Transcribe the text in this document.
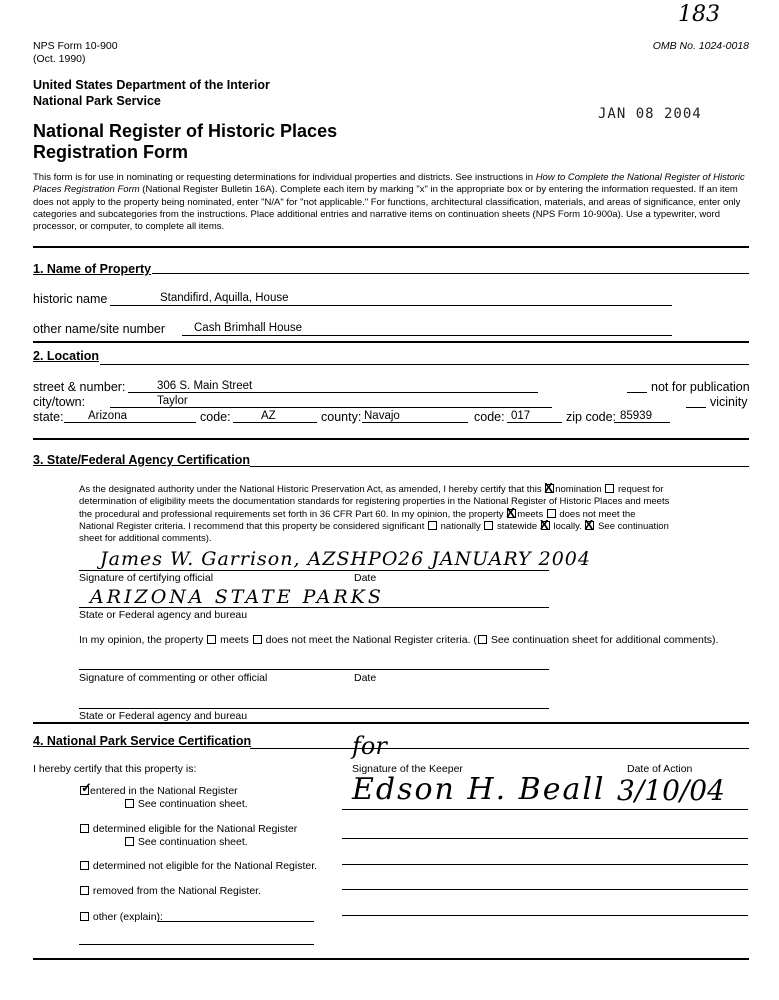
NPS Form 10-900
(Oct. 1990)
OMB No. 1024-0018
183
JAN 08 2004
United States Department of the Interior
National Park Service
National Register of Historic Places
Registration Form
This form is for use in nominating or requesting determinations for individual properties and districts. See instructions in How to Complete the National Register of Historic Places Registration Form (National Register Bulletin 16A). Complete each item by marking "x" in the appropriate box or by entering the information requested. If an item does not apply to the property being nominated, enter "N/A" for "not applicable." For functions, architectural classification, materials, and areas of significance, enter only categories and subcategories from the instructions. Place additional entries and narrative items on continuation sheets (NPS Form 10-900a). Use a typewriter, word processor, or computer, to complete all items.
1. Name of Property
historic name	Standifird, Aquilla, House
other name/site number	Cash Brimhall House
2. Location
street & number:	306 S. Main Street	not for publication
city/town:	Taylor	vicinity
state: Arizona	code:	AZ	county: Navajo	code: 017	zip code: 85939
3. State/Federal Agency Certification
As the designated authority under the National Historic Preservation Act, as amended, I hereby certify that this X nomination request for
determination of eligibility meets the documentation standards for registering properties in the National Register of Historic Places and meets
the procedural and professional requirements set forth in 36 CFR Part 60. In my opinion, the property X meets does not meet the
National Register criteria. I recommend that this property be considered significant nationally statewide X locally. X See continuation
sheet for additional comments).
James W. Garrison, AZSHPO 26 JANUARY 2004
Signature of certifying official	Date
ARIZONA STATE PARKS
State or Federal agency and bureau
In my opinion, the property meets does not meet the National Register criteria. ( See continuation sheet for additional comments).
Signature of commenting or other official	Date
State or Federal agency and bureau
4. National Park Service Certification
I hereby certify that this property is:
for
Signature of the Keeper	Date of Action
Edson H. Beall 3/10/04
✓
entered in the National Register
See continuation sheet.
determined eligible for the National Register
See continuation sheet.
determined not eligible for the National Register.
removed from the National Register.
other (explain):
